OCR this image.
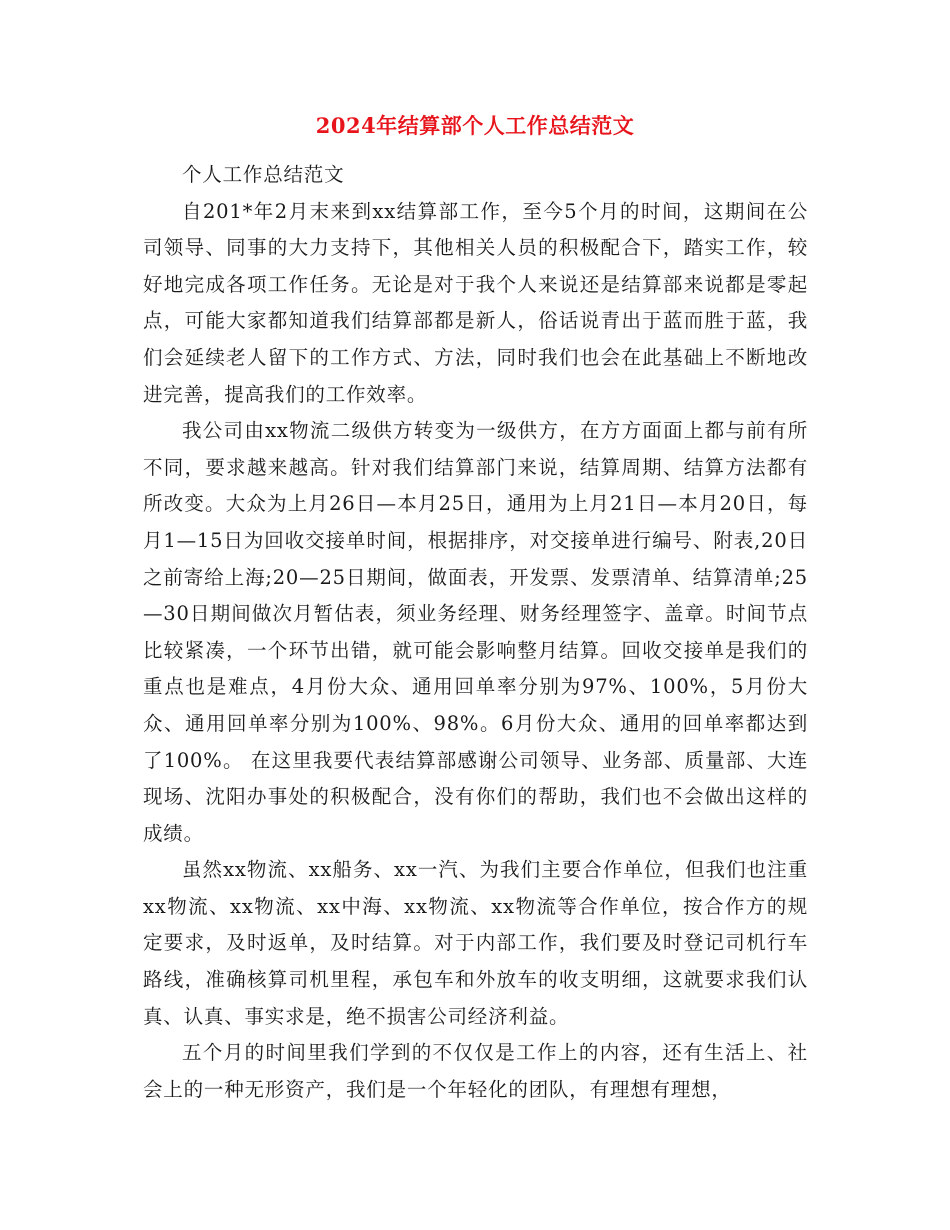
2024年结算部个人工作总结范文

个人工作总结范文

自201*年2月末来到xx结算部工作，至今5个月的时间，这期间在公司领导、同事的大力支持下，其他相关人员的积极配合下，踏实工作，较好地完成各项工作任务。无论是对于我个人来说还是结算部来说都是零起点，可能大家都知道我们结算部都是新人，俗话说青出于蓝而胜于蓝，我们会延续老人留下的工作方式、方法，同时我们也会在此基础上不断地改进完善，提高我们的工作效率。

我公司由xx物流二级供方转变为一级供方，在方方面面上都与前有所不同，要求越来越高。针对我们结算部门来说，结算周期、结算方法都有所改变。大众为上月26日—本月25日，通用为上月21日—本月20日，每月1—15日为回收交接单时间，根据排序，对交接单进行编号、附表,20日之前寄给上海;20—25日期间，做面表，开发票、发票清单、结算清单;25—30日期间做次月暂估表，须业务经理、财务经理签字、盖章。时间节点比较紧凑，一个环节出错，就可能会影响整月结算。回收交接单是我们的重点也是难点，4月份大众、通用回单率分别为97%、100%，5月份大众、通用回单率分别为100%、98%。6月份大众、通用的回单率都达到了100%。 在这里我要代表结算部感谢公司领导、业务部、质量部、大连现场、沈阳办事处的积极配合，没有你们的帮助，我们也不会做出这样的成绩。

虽然xx物流、xx船务、xx一汽、为我们主要合作单位，但我们也注重xx物流、xx物流、xx中海、xx物流、xx物流等合作单位，按合作方的规定要求，及时返单，及时结算。对于内部工作，我们要及时登记司机行车路线，准确核算司机里程，承包车和外放车的收支明细，这就要求我们认真、认真、事实求是，绝不损害公司经济利益。

五个月的时间里我们学到的不仅仅是工作上的内容，还有生活上、社会上的一种无形资产，我们是一个年轻化的团队，有理想有理想，
